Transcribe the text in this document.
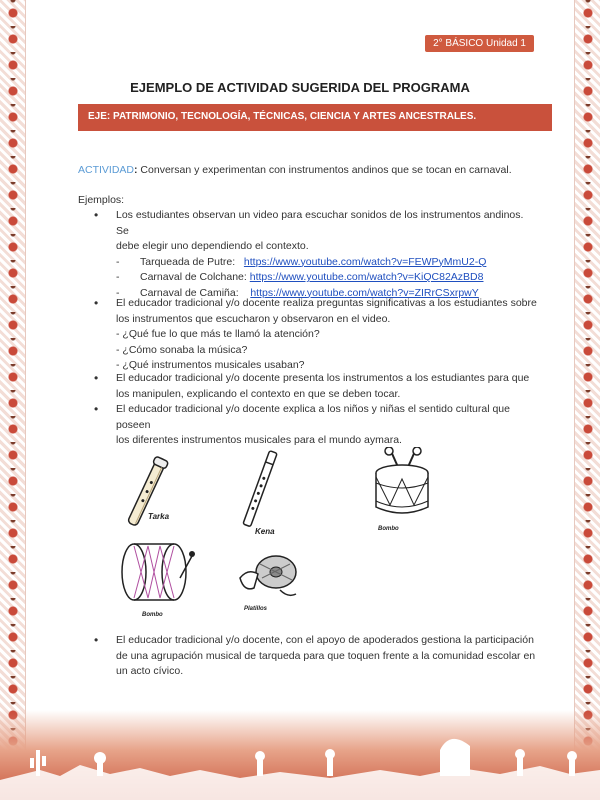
2° BÁSICO Unidad 1
EJEMPLO DE ACTIVIDAD SUGERIDA DEL PROGRAMA
EJE: PATRIMONIO, TECNOLOGÍA, TÉCNICAS, CIENCIA Y ARTES ANCESTRALES.
ACTIVIDAD: Conversan y experimentan con instrumentos andinos que se tocan en carnaval.
Ejemplos:
• Los estudiantes observan un video para escuchar sonidos de los instrumentos andinos. Se
debe elegir uno dependiendo el contexto.
- Tarqueada de Putre: https://www.youtube.com/watch?v=FEWPyMmU2-Q
- Carnaval de Colchane: https://www.youtube.com/watch?v=KiQC82AzBD8
- Carnaval de Camiña: https://www.youtube.com/watch?v=ZIRrCSxrpwY
• El educador tradicional y/o docente realiza preguntas significativas a los estudiantes sobre
los instrumentos que escucharon y observaron en el video.
- ¿Qué fue lo que más te llamó la atención?
- ¿Cómo sonaba la música?
- ¿Qué instrumentos musicales usaban?
• El educador tradicional y/o docente presenta los instrumentos a los estudiantes para que
los manipulen, explicando el contexto en que se deben tocar.
• El educador tradicional y/o docente explica a los niños y niñas el sentido cultural que poseen
los diferentes instrumentos musicales para el mundo aymara.
Tarka
Kena	Bombo
Bombo
Platillos
• El educador tradicional y/o docente, con el apoyo de apoderados gestiona la participación
de una agrupación musical de tarqueda para que toquen frente a la comunidad escolar en
un acto cívico.
